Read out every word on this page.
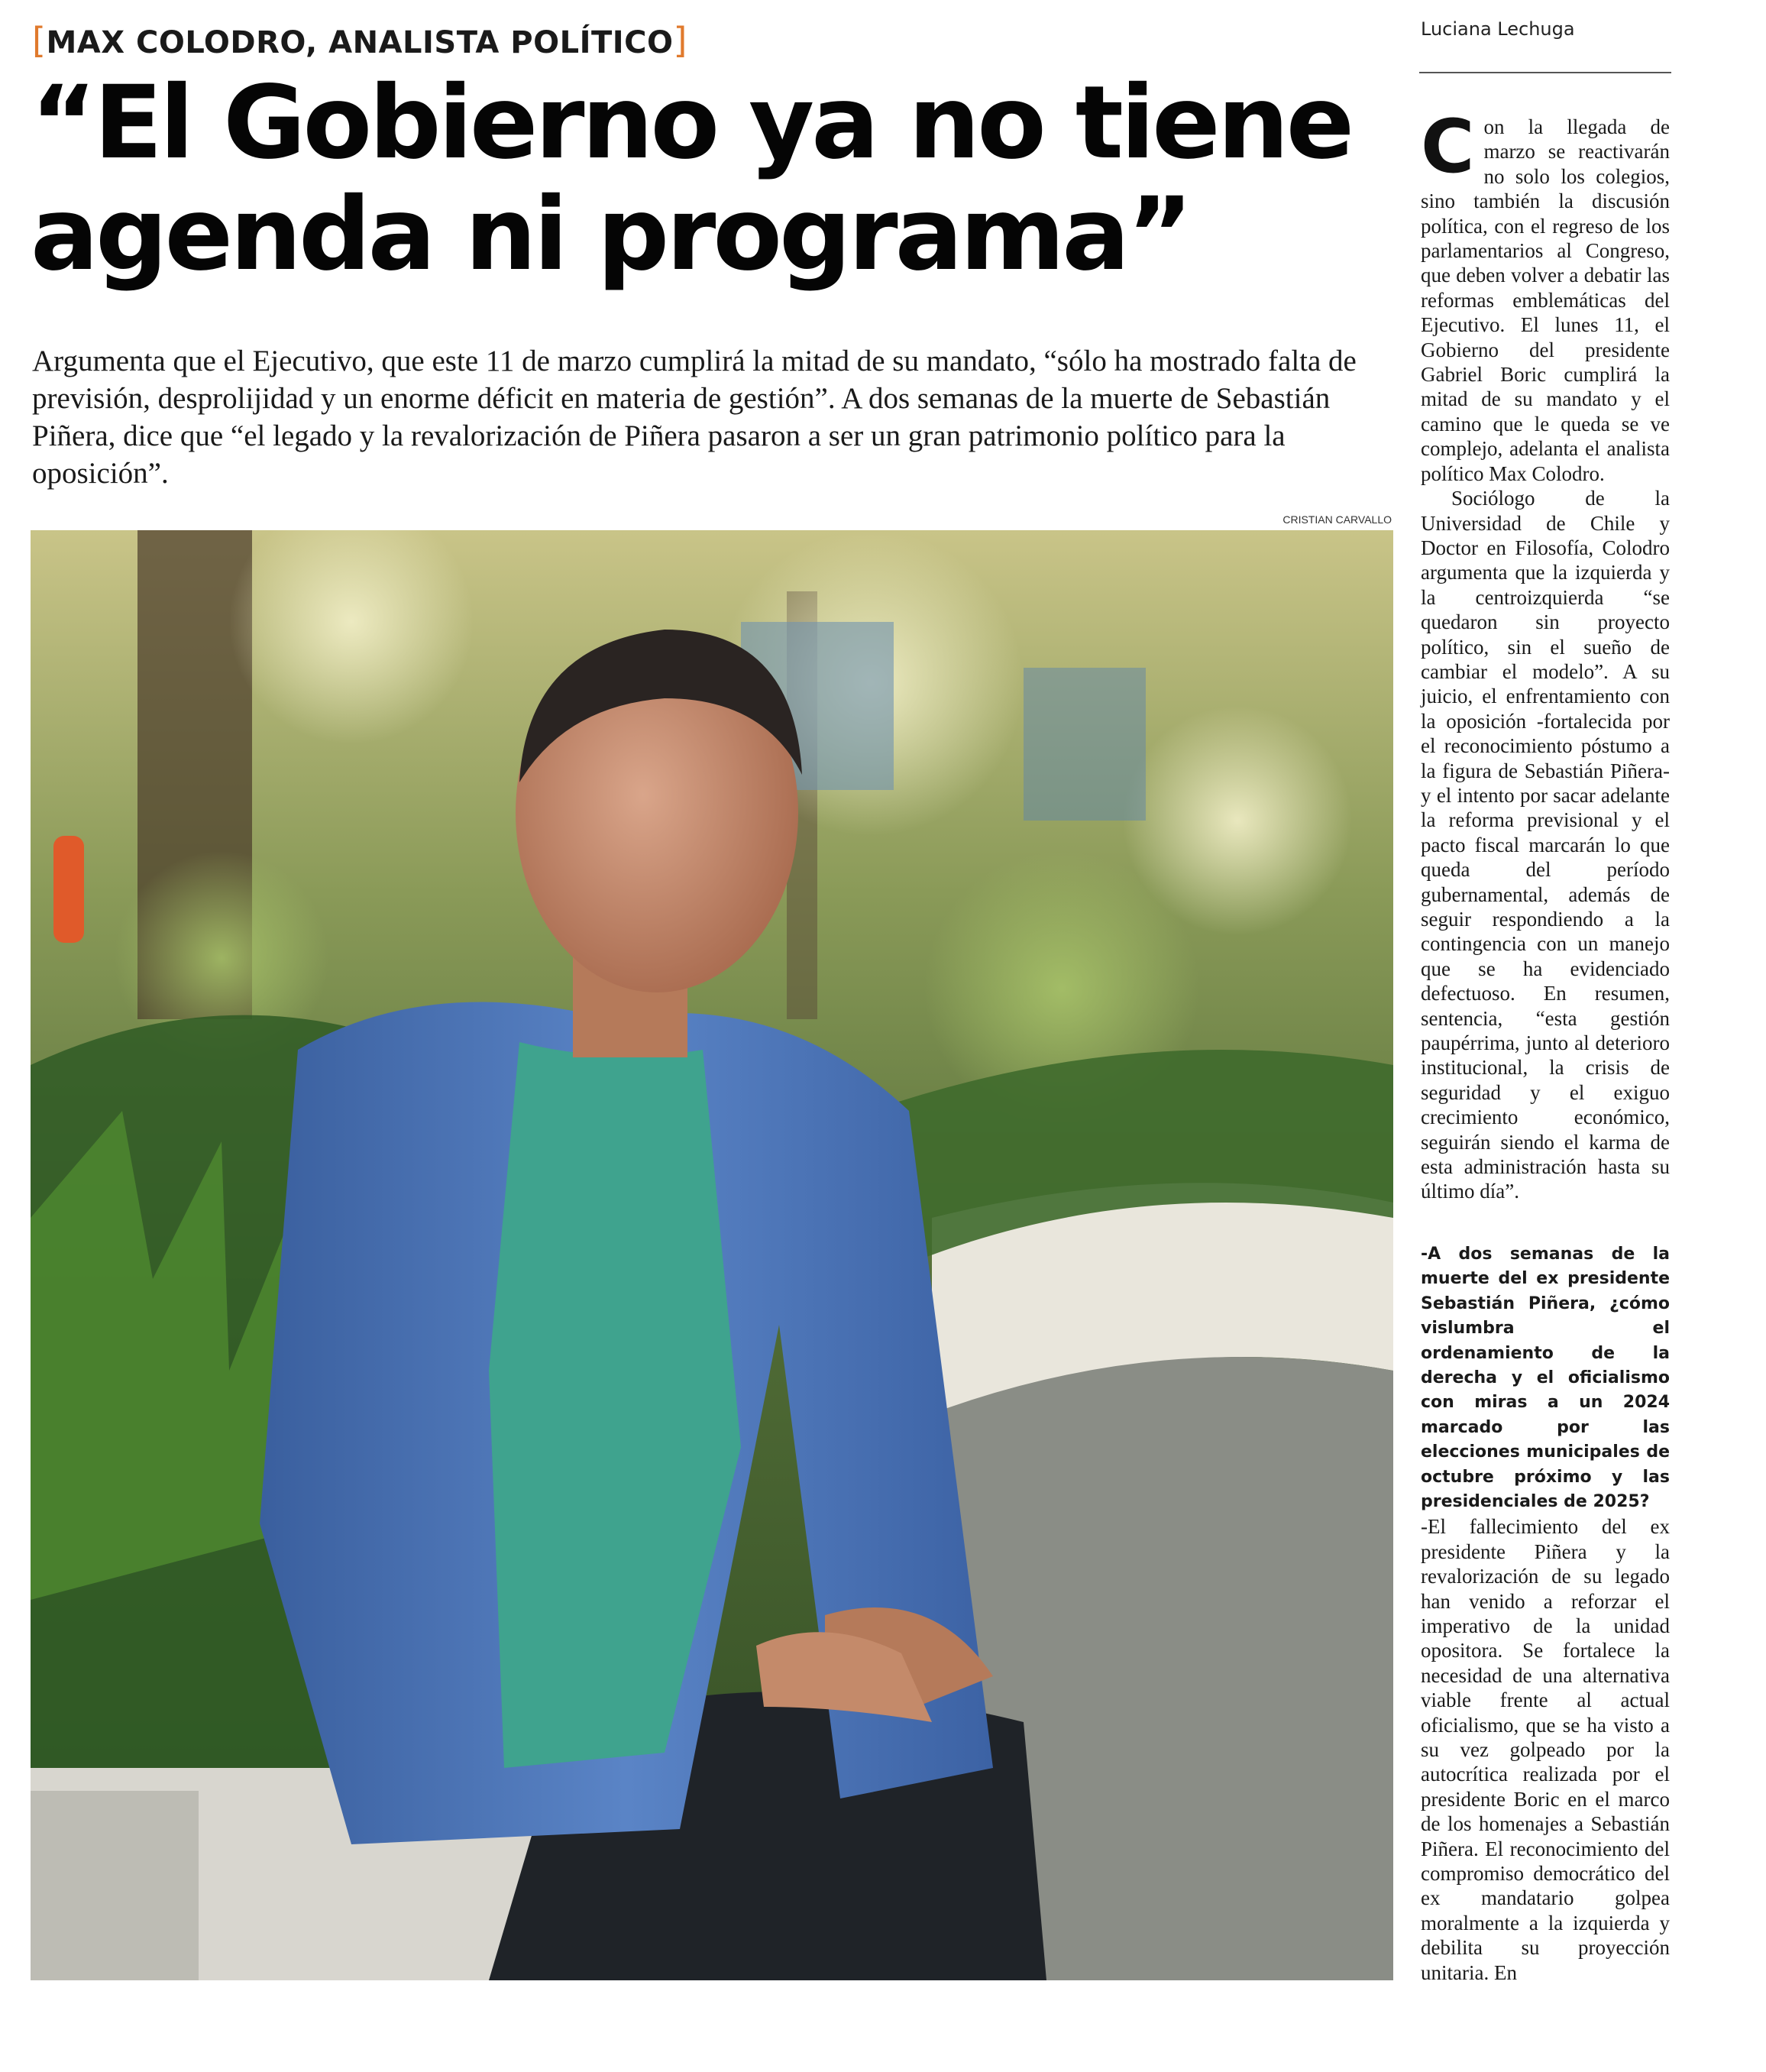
[MAX COLODRO, ANALISTA POLÍTICO]
“El Gobierno ya no tiene agenda ni programa”

Argumenta que el Ejecutivo, que este 11 de marzo cumplirá la mitad de su mandato, “sólo ha mostrado falta de previsión, desprolijidad y un enorme déficit en materia de gestión”. A dos semanas de la muerte de Sebastián Piñera, dice que “el legado y la revalorización de Piñera pasaron a ser un gran patrimonio político para la oposición”.

CRISTIAN CARVALLO
Luciana Lechuga

Con la llegada de marzo se reactivarán no solo los colegios, sino también la discusión política, con el regreso de los parlamentarios al Congreso, que deben volver a debatir las reformas emblemáticas del Ejecutivo. El lunes 11, el Gobierno del presidente Gabriel Boric cumplirá la mitad de su mandato y el camino que le queda se ve complejo, adelanta el analista político Max Colodro.

Sociólogo de la Universidad de Chile y Doctor en Filosofía, Colodro argumenta que la izquierda y la centroizquierda “se quedaron sin proyecto político, sin el sueño de cambiar el modelo”. A su juicio, el enfrentamiento con la oposición -fortalecida por el reconocimiento póstumo a la figura de Sebastián Piñera- y el intento por sacar adelante la reforma previsional y el pacto fiscal marcarán lo que queda del período gubernamental, además de seguir respondiendo a la contingencia con un manejo que se ha evidenciado defectuoso. En resumen, sentencia, “esta gestión paupérrima, junto al deterioro institucional, la crisis de seguridad y el exiguo crecimiento económico, seguirán siendo el karma de esta administración hasta su último día”.

-A dos semanas de la muerte del ex presidente Sebastián Piñera, ¿cómo vislumbra el ordenamiento de la derecha y el oficialismo con miras a un 2024 marcado por las elecciones municipales de octubre próximo y las presidenciales de 2025?

-El fallecimiento del ex presidente Piñera y la revalorización de su legado han venido a reforzar el imperativo de la unidad opositora. Se fortalece la necesidad de una alternativa viable frente al actual oficialismo, que se ha visto a su vez golpeado por la autocrítica realizada por el presidente Boric en el marco de los homenajes a Sebastián Piñera. El reconocimiento del compromiso democrático del ex mandatario golpea moralmente a la izquierda y debilita su proyección unitaria. En
